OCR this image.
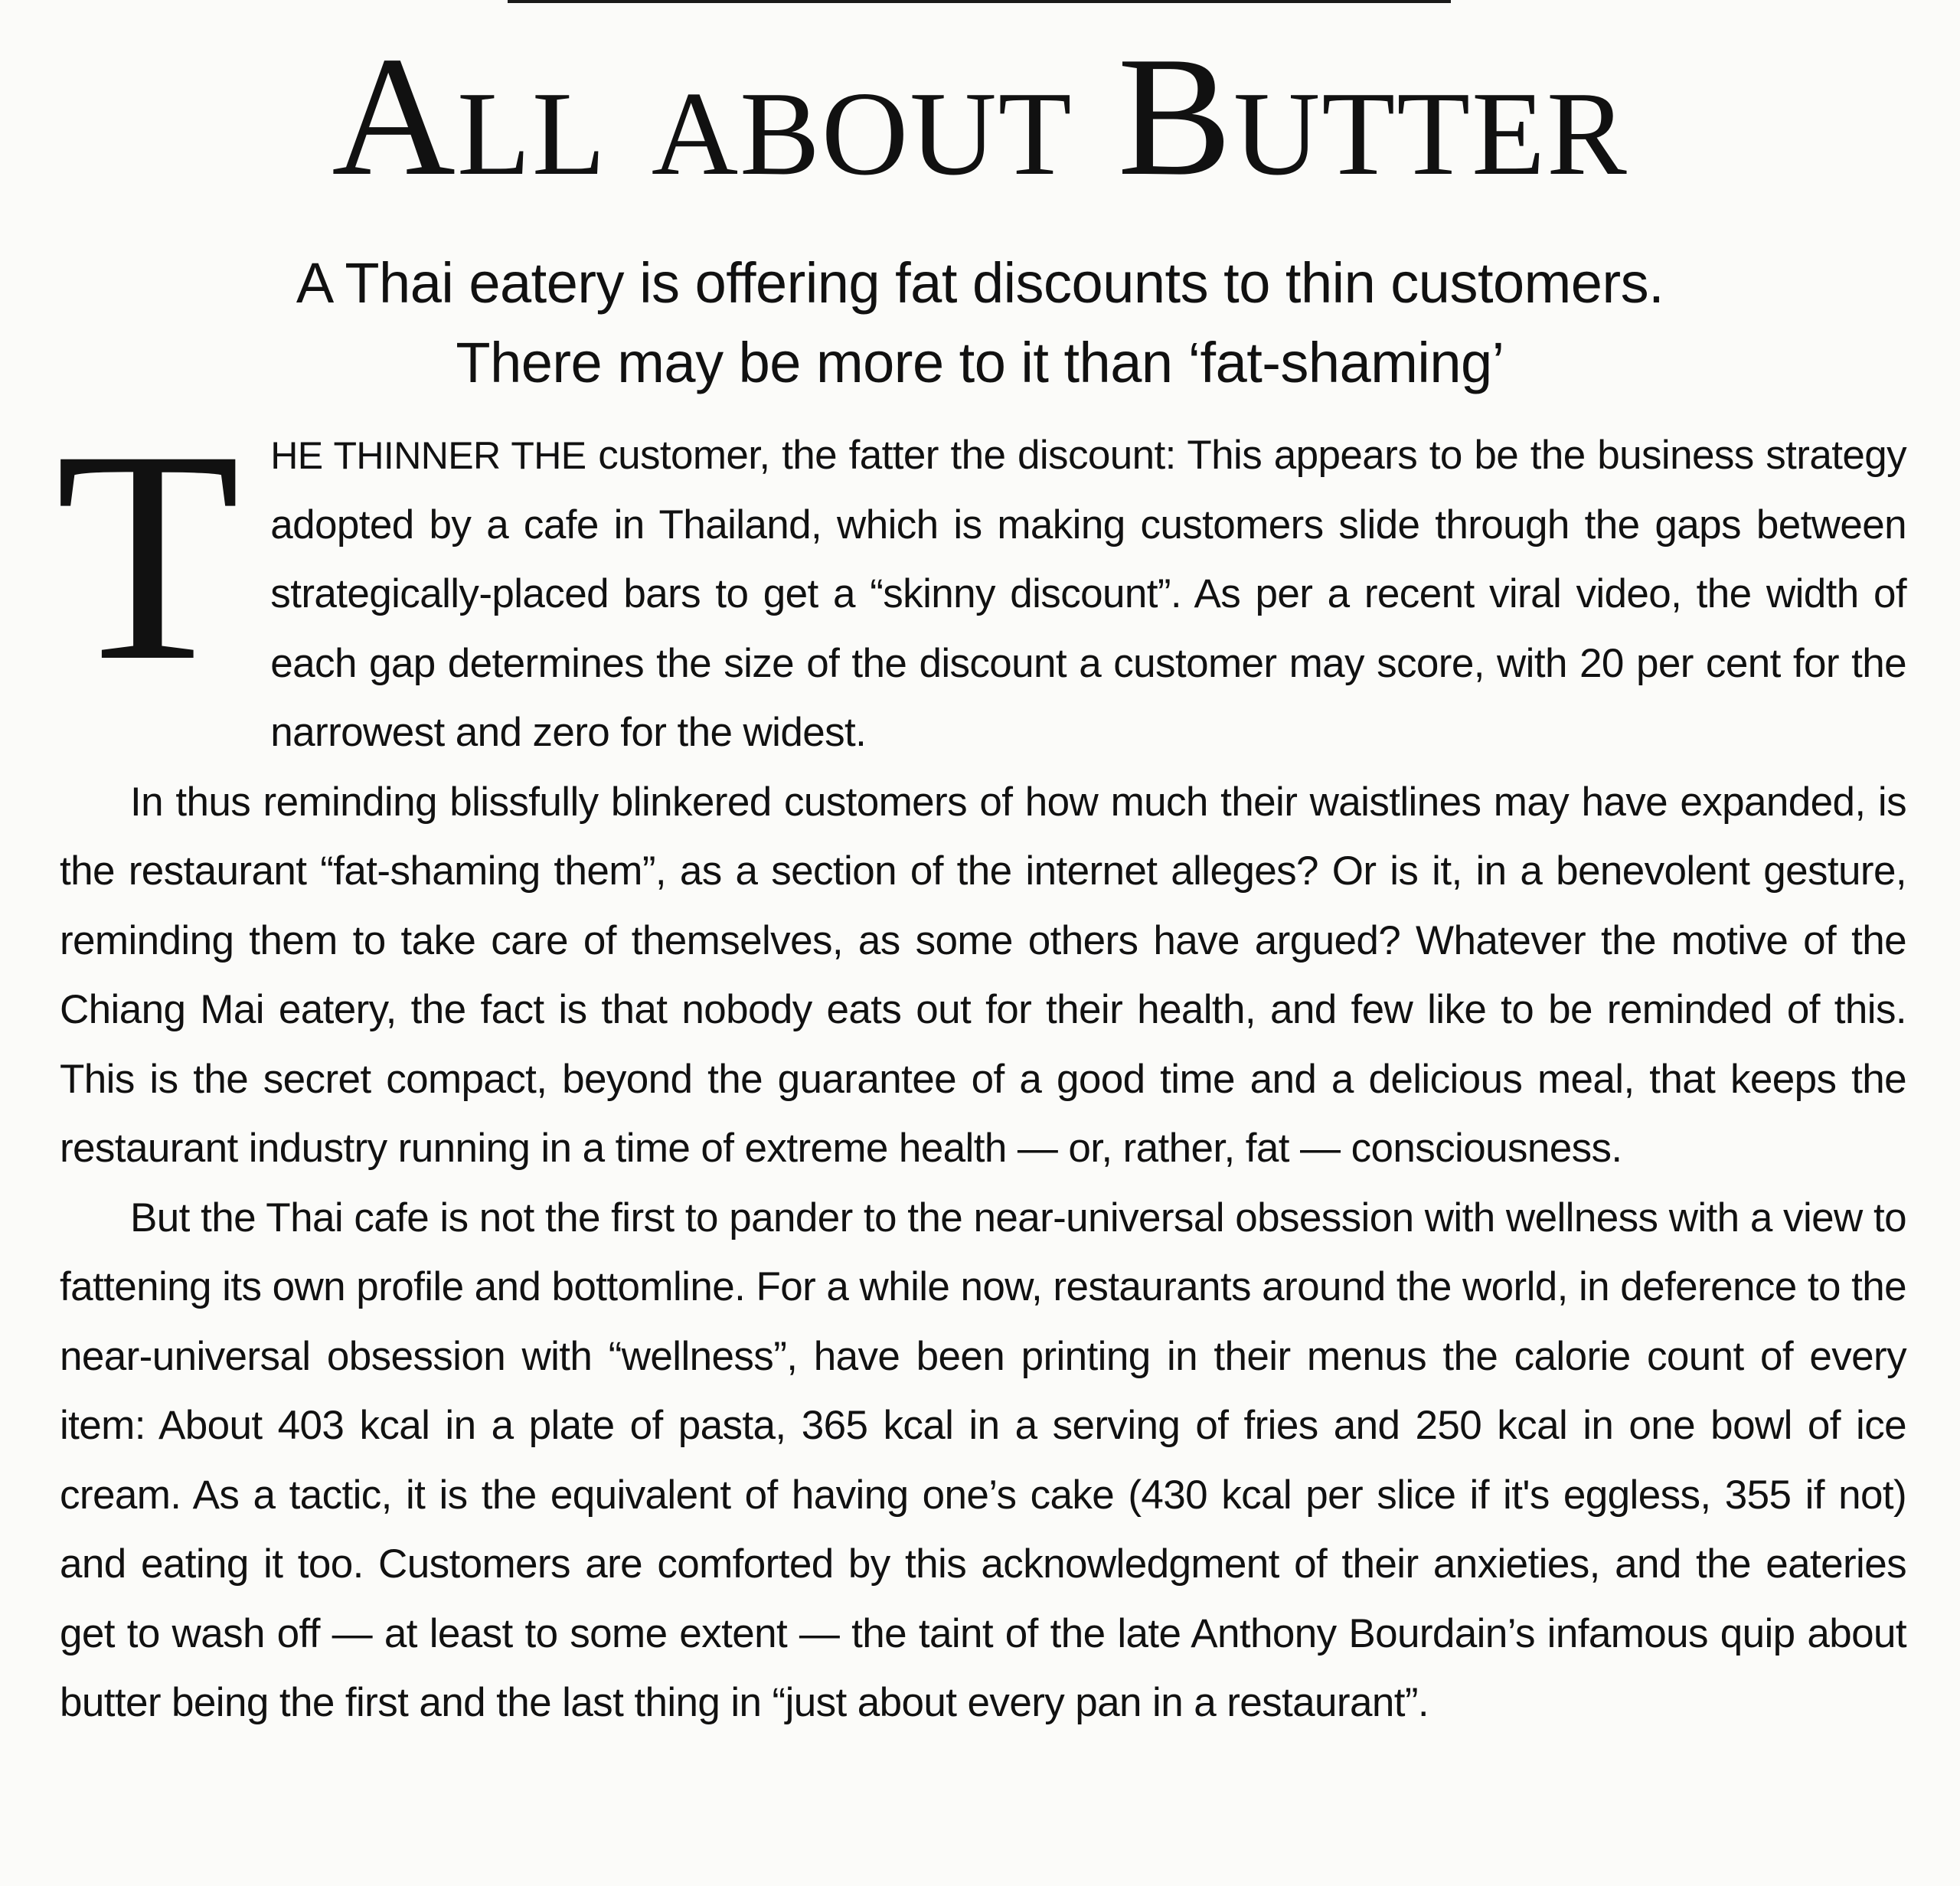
All about Butter
A Thai eatery is offering fat discounts to thin customers.
There may be more to it than ‘fat-shaming’

THE THINNER THE customer, the fatter the discount: This appears to be the business strategy adopted by a cafe in Thailand, which is making customers slide through the gaps between strategically-placed bars to get a “skinny discount”. As per a recent viral video, the width of each gap determines the size of the discount a customer may score, with 20 per cent for the narrowest and zero for the widest.

In thus reminding blissfully blinkered customers of how much their waistlines may have expanded, is the restaurant “fat-shaming them”, as a section of the internet alleges? Or is it, in a benevolent gesture, reminding them to take care of themselves, as some others have argued? Whatever the motive of the Chiang Mai eatery, the fact is that nobody eats out for their health, and few like to be reminded of this. This is the secret compact, beyond the guarantee of a good time and a delicious meal, that keeps the restaurant industry running in a time of extreme health — or, rather, fat — consciousness.

But the Thai cafe is not the first to pander to the near-universal obsession with wellness with a view to fattening its own profile and bottomline. For a while now, restaurants around the world, in deference to the near-universal obsession with “wellness”, have been printing in their menus the calorie count of every item: About 403 kcal in a plate of pasta, 365 kcal in a serving of fries and 250 kcal in one bowl of ice cream. As a tactic, it is the equivalent of having one’s cake (430 kcal per slice if it's eggless, 355 if not) and eating it too. Customers are comforted by this acknowledgment of their anxieties, and the eateries get to wash off — at least to some extent — the taint of the late Anthony Bourdain’s infamous quip about butter being the first and the last thing in “just about every pan in a restaurant”.
